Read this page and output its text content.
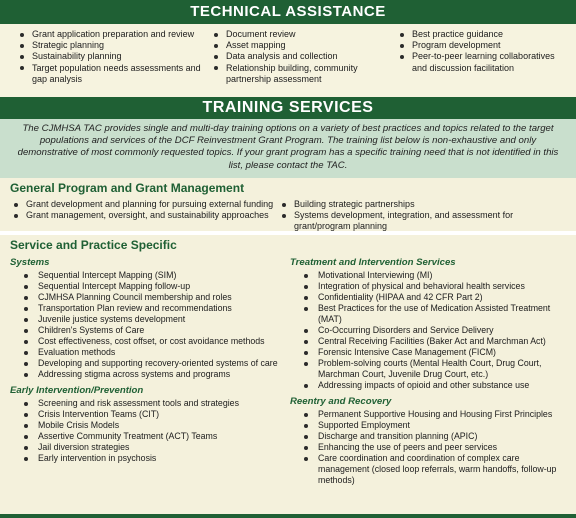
TECHNICAL ASSISTANCE
Grant application preparation and review
Strategic planning
Sustainability planning
Target population needs assessments and gap analysis
Document review
Asset mapping
Data analysis and collection
Relationship building, community partnership assessment
Best practice guidance
Program development
Peer-to-peer learning collaboratives and discussion facilitation
TRAINING SERVICES
The CJMHSA TAC provides single and multi-day training options on a variety of best practices and topics related to the target populations and services of the DCF Reinvestment Grant Program. The training list below is non-exhaustive and only demonstrative of most commonly requested topics. If your grant program has a specific training need that is not identified in this list, please contact the TAC.
General Program and Grant Management
Grant development and planning for pursuing external funding
Grant management, oversight, and sustainability approaches
Building strategic partnerships
Systems development, integration, and assessment for grant/program planning
Service and Practice Specific
Systems
Sequential Intercept Mapping (SIM)
Sequential Intercept Mapping follow-up
CJMHSA Planning Council membership and roles
Transportation Plan review and recommendations
Juvenile justice systems development
Children's Systems of Care
Cost effectiveness, cost offset, or cost avoidance methods
Evaluation methods
Developing and supporting recovery-oriented systems of care
Addressing stigma across systems and programs
Early Intervention/Prevention
Screening and risk assessment tools and strategies
Crisis Intervention Teams (CIT)
Mobile Crisis Models
Assertive Community Treatment (ACT) Teams
Jail diversion strategies
Early intervention in psychosis
Treatment and Intervention Services
Motivational Interviewing (MI)
Integration of physical and behavioral health services
Confidentiality (HIPAA and 42 CFR Part 2)
Best Practices for the use of Medication Assisted Treatment (MAT)
Co-Occurring Disorders and Service Delivery
Central Receiving Facilities (Baker Act and Marchman Act)
Forensic Intensive Case Management (FICM)
Problem-solving courts (Mental Health Court, Drug Court, Marchman Court, Juvenile Drug Court, etc.)
Addressing impacts of opioid and other substance use
Reentry and Recovery
Permanent Supportive Housing and Housing First Principles
Supported Employment
Discharge and transition planning (APIC)
Enhancing the use of peers and peer services
Care coordination and coordination of complex care management (closed loop referrals, warm handoffs, follow-up methods)
